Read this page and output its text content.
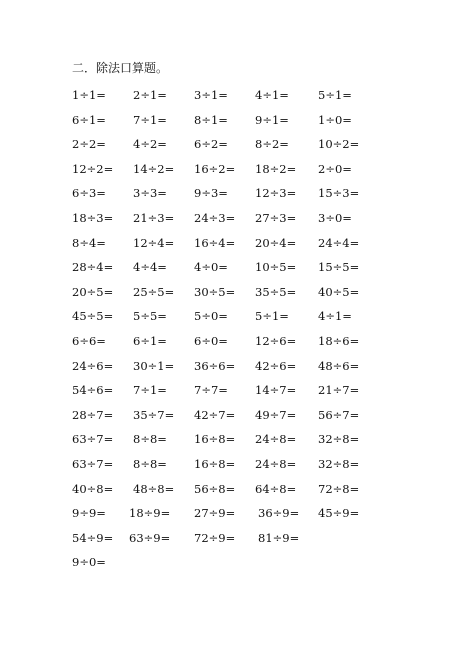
二．除法口算题。
1÷1= 2÷1= 3÷1= 4÷1=	5÷1=
6÷1= 7÷1= 8÷1= 9÷1=	1÷0=
2÷2= 4÷2= 6÷2= 8÷2=	10÷2=
12÷2= 14÷2= 16÷2= 18÷2= 2÷0=
6÷3= 3÷3= 9÷3= 12÷3= 15÷3=
18÷3= 21÷3= 24÷3= 27÷3= 3÷0=
8÷4= 12÷4= 16÷4= 20÷4= 24÷4=
28÷4= 4÷4= 4÷0= 10÷5= 15÷5=
20÷5= 25÷5= 30÷5= 35÷5= 40÷5=
45÷5= 5÷5= 5÷0= 5÷1=	4÷1=
6÷6= 6÷1= 6÷0= 12÷6= 18÷6=
24÷6= 30÷1= 36÷6= 42÷6= 48÷6=
54÷6= 7÷1= 7÷7= 14÷7= 21÷7=
28÷7= 35÷7= 42÷7= 49÷7= 56÷7=
63÷7= 8÷8= 16÷8= 24÷8= 32÷8=
63÷7= 8÷8= 16÷8= 24÷8= 32÷8=
40÷8= 48÷8= 56÷8= 64÷8= 72÷8=
9÷9= 18÷9= 27÷9= 36÷9= 45÷9=
54÷9= 63÷9= 72÷9= 81÷9=
9÷0=
